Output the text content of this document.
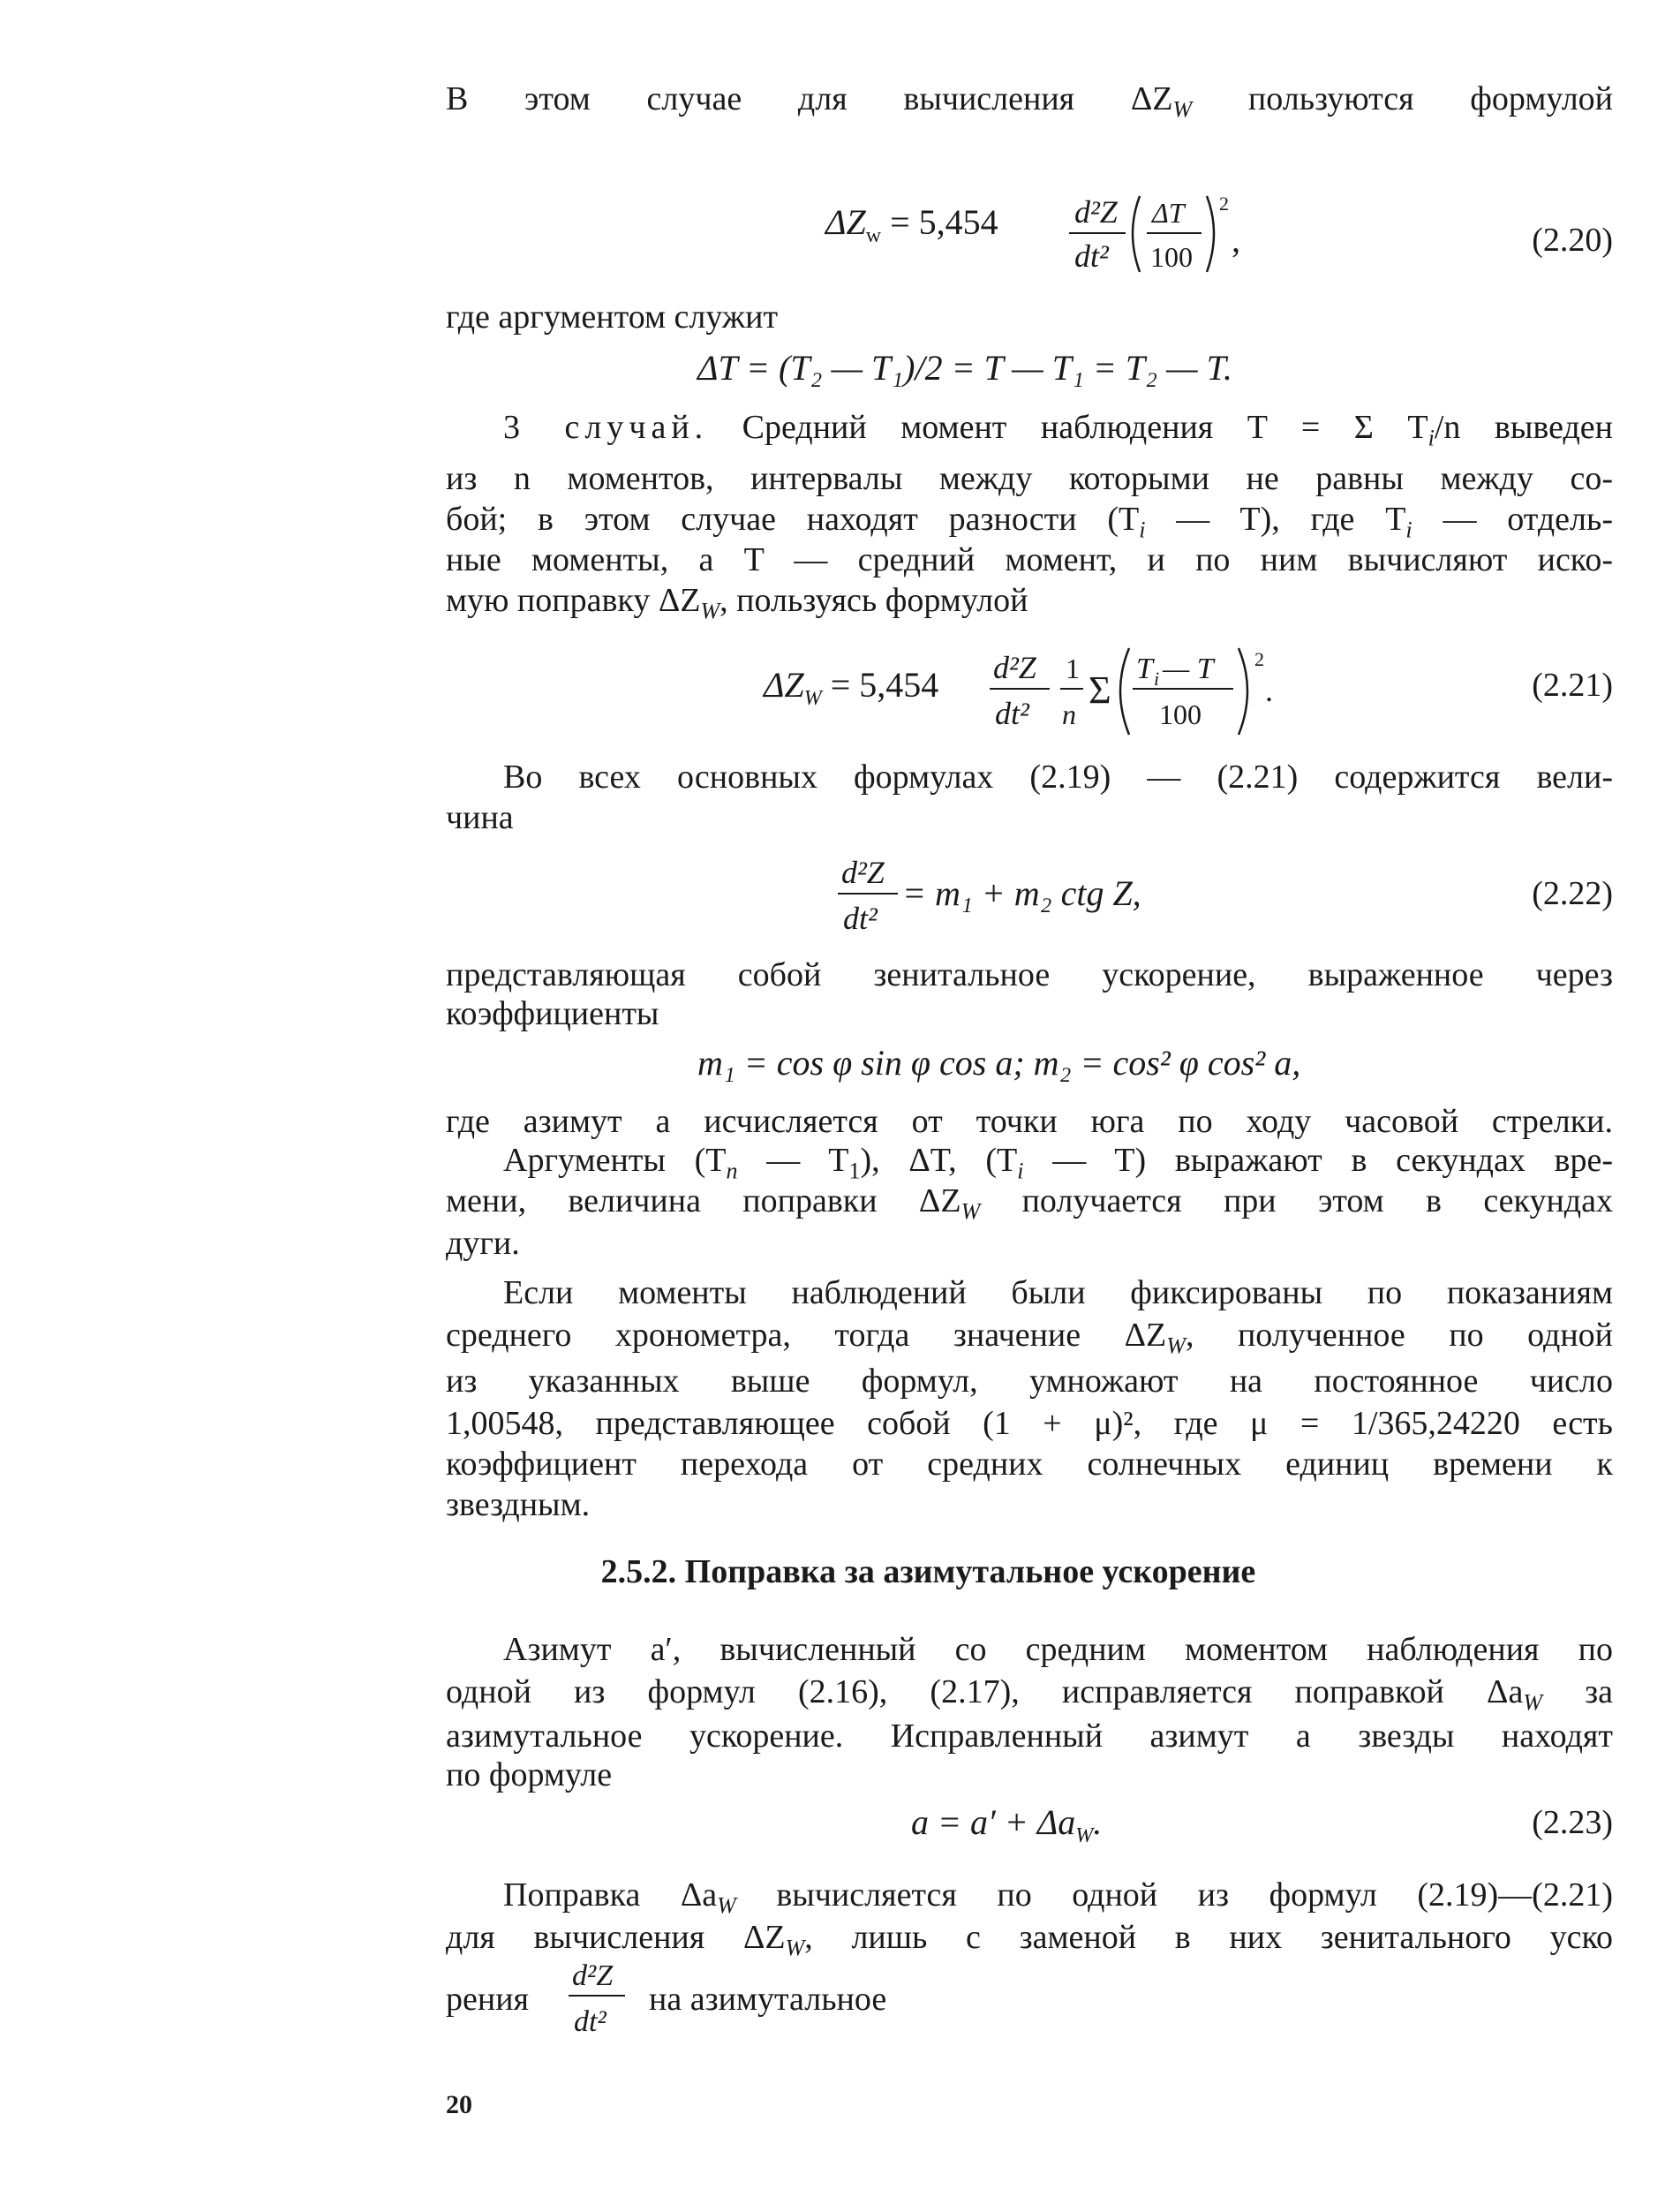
В этом случае для вычисления $\Delta Z_W$ пользуются формулой
$\Delta Z_w = 5,454$ d²Z
dt²
ΔT
100
2
,	(2.20)
где аргументом служит
ΔT = (T₂ — T₁)/2 = T — T₁ = T₂ — T.
3 случай. Средний момент наблюдения T = Σ $T_i/n$ выведен
из n моментов, интервалы между которыми не равны между со-
бой; в этом случае находят разности ($T_i$ — T), где $T_i$ — отдель-
ные моменты, а T — средний момент, и по ним вычисляют иско-
мую поправку $\Delta Z_W$, пользуясь формулой
$\Delta Z_W = 5,454$ d²Z
dt²
1
n
Σ T i — T
100
2
.	(2.21)
Во всех основных формулах (2.19) — (2.21) содержится вели-
чина
d²Z
dt²
= m₁ + m₂ ctg Z,	(2.22)
представляющая собой зенитальное ускорение, выраженное через
коэффициенты
m₁ = cos φ sin φ cos a; m₂ = cos² φ cos² a,
где азимут a исчисляется от точки юга по ходу часовой стрелки.
Аргументы ($T_n$ — $T_1$), ΔT, ($T_i$ — T) выражают в секундах вре-
мени, величина поправки $\Delta Z_W$ получается при этом в секундах
дуги.
Если моменты наблюдений были фиксированы по показаниям
среднего хронометра, тогда значение $\Delta Z_W$, полученное по одной
из указанных выше формул, умножают на постоянное число
1,00548, представляющее собой (1 + μ)², где μ = 1/365,24220 есть
коэффициент перехода от средних солнечных единиц времени к
звездным.
2.5.2. Поправка за азимутальное ускорение
Азимут a′, вычисленный со средним моментом наблюдения по
одной из формул (2.16), (2.17), исправляется поправкой $\Delta a_W$ за
азимутальное ускорение. Исправленный азимут a звезды находят
по формуле
$a = a' + \Delta a_W$.	(2.23)
Поправка $\Delta a_W$ вычисляется по одной из формул (2.19)—(2.21)
для вычисления $\Delta Z_W$, лишь с заменой в них зенитального уско
рения
d²Z
dt²
на азимутальное
20
